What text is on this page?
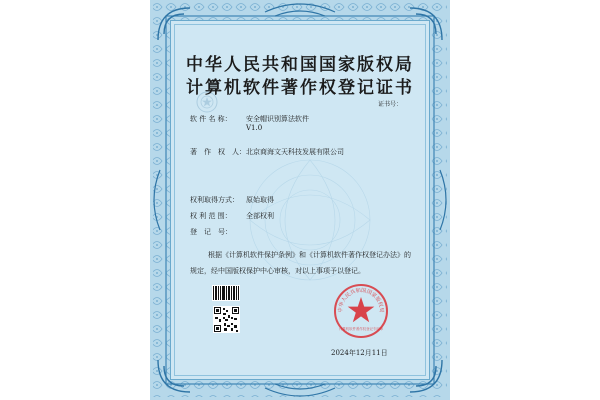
中华人民共和国国家版权局
计算机软件著作权登记证书
证书号：
软 件 名 称： 安全帽识别算法软件
V1.0
著　作　权　人： 北京商海文天科技发展有限公司
权利取得方式： 原始取得
权 利 范 围： 全部权利
登　记　号：
根据《计算机软件保护条例》和《计算机软件著作权登记办法》的
规定，经中国版权保护中心审核，对以上事项予以登记。
中华人民共和国国家版权局
计算机软件著作权登记专用章
2024年12月11日
